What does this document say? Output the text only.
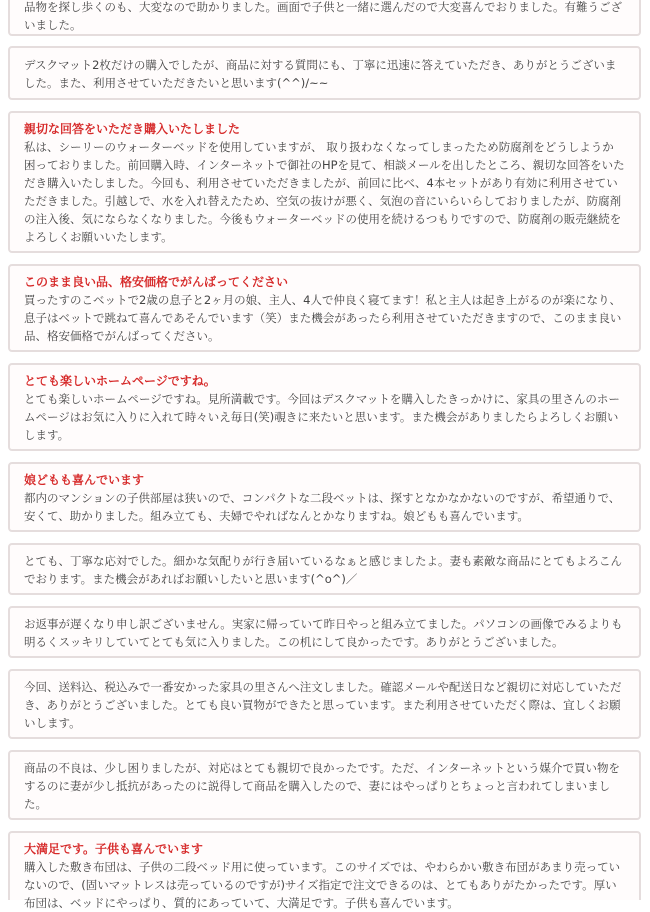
品物を探し歩くのも、大変なので助かりました。画面で子供と一緒に選んだので大変喜んでおりました。有難うございました。
デスクマット2枚だけの購入でしたが、商品に対する質問にも、丁寧に迅速に答えていただき、ありがとうございました。また、利用させていただきたいと思います(^^)/~~
親切な回答をいただき購入いたしました
私は、シーリーのウォーターベッドを使用していますが、 取り扱わなくなってしまったため防腐剤をどうしようか困っておりました。前回購入時、インターネットで御社のHPを見て、相談メールを出したところ、親切な回答をいただき購入いたしました。今回も、利用させていただきましたが、前回に比べ、4本セットがあり有効に利用させていただきました。引越しで、水を入れ替えたため、空気の抜けが悪く、気泡の音にいらいらしておりましたが、防腐剤の注入後、気にならなくなりました。今後もウォーターベッドの使用を続けるつもりですので、防腐剤の販売継続をよろしくお願いいたします。
このまま良い品、格安価格でがんばってください
買ったすのこベットで2歳の息子と2ヶ月の娘、主人、4人で仲良く寝てます！私と主人は起き上がるのが楽になり、息子はベットで跳ねて喜んであそんでいます（笑）また機会があったら利用させていただきますので、このまま良い品、格安価格でがんばってください。
とても楽しいホームページですね。
とても楽しいホームページですね。見所満載です。今回はデスクマットを購入したきっかけに、家具の里さんのホームページはお気に入りに入れて時々いえ毎日(笑)覗きに来たいと思います。また機会がありましたらよろしくお願いします。
娘どもも喜んでいます
都内のマンションの子供部屋は狭いので、コンパクトな二段ベットは、探すとなかなかないのですが、希望通りで、安くて、助かりました。組み立ても、夫婦でやればなんとかなりますね。娘どもも喜んでいます。
とても、丁寧な応対でした。細かな気配りが行き届いているなぁと感じましたよ。妻も素敵な商品にとてもよろこんでおります。また機会があればお願いしたいと思います(^o^)／
お返事が遅くなり申し訳ございません。実家に帰っていて昨日やっと組み立てました。パソコンの画像でみるよりも明るくスッキリしていてとても気に入りました。この机にして良かったです。ありがとうございました。
今回、送料込、税込みで一番安かった家具の里さんへ注文しました。確認メールや配送日など親切に対応していただき、ありがとうございました。とても良い買物ができたと思っています。また利用させていただく際は、宜しくお願いします。
商品の不良は、少し困りましたが、対応はとても親切で良かったです。ただ、インターネットという媒介で買い物をするのに妻が少し抵抗があったのに説得して商品を購入したので、妻にはやっぱりとちょっと言われてしまいました。
大満足です。子供も喜んでいます
購入した敷き布団は、子供の二段ベッド用に使っています。このサイズでは、やわらかい敷き布団があまり売っていないので、(固いマットレスは売っているのですが)サイズ指定で注文できるのは、とてもありがたかったです。厚い布団は、ベッドにやっぱり、質的にあっていて、大満足です。子供も喜んでいます。
